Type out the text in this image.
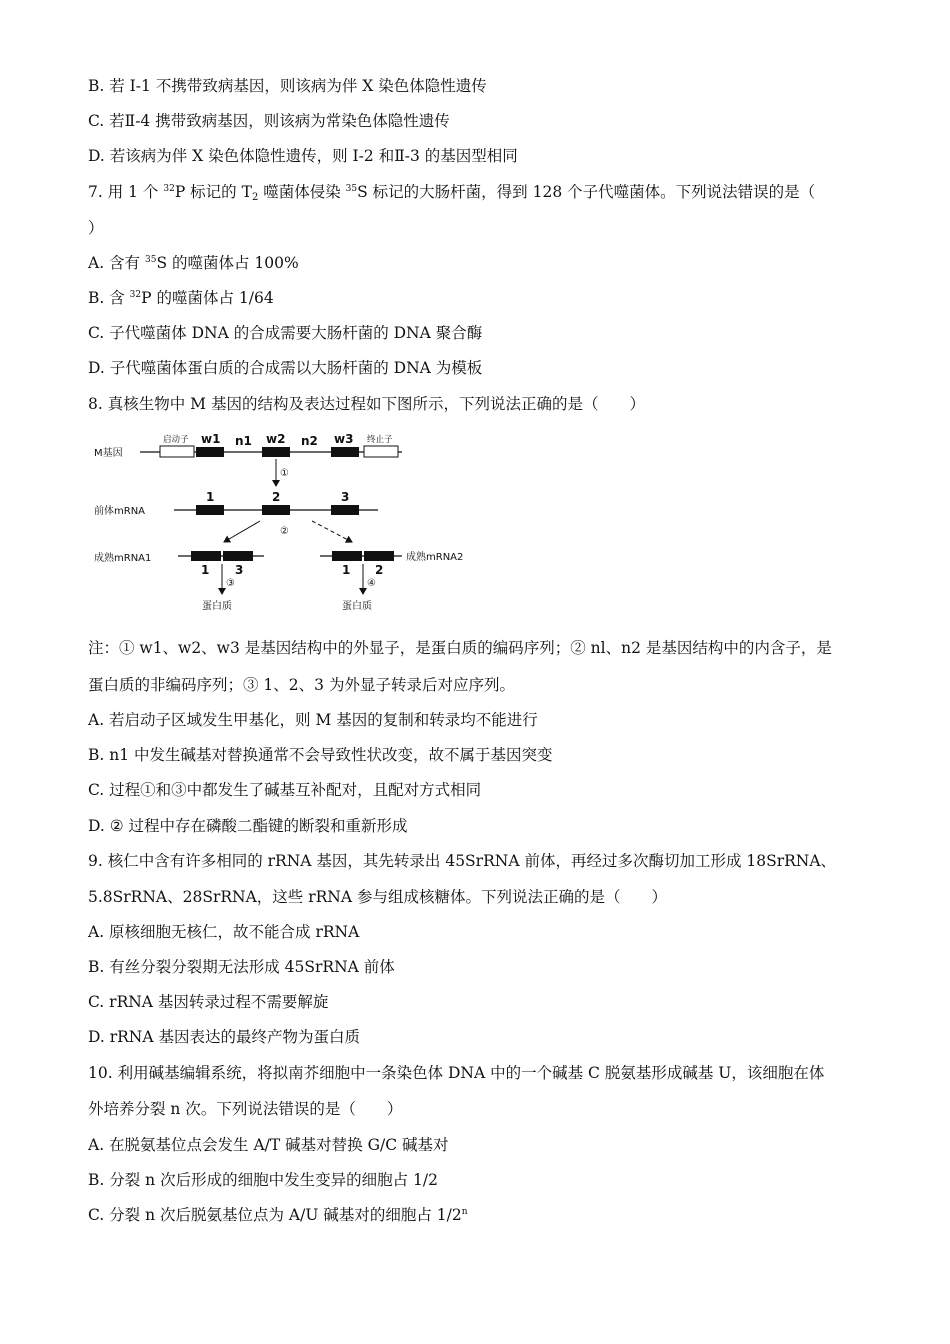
B. 若 I-1 不携带致病基因，则该病为伴 X 染色体隐性遗传
C. 若Ⅱ-4 携带致病基因，则该病为常染色体隐性遗传
D. 若该病为伴 X 染色体隐性遗传，则 I-2 和Ⅱ-3 的基因型相同
7. 用 1 个 $^{32}$P 标记的 $T_2$ 噬菌体侵染 $^{35}$S 标记的大肠杆菌，得到 128 个子代噬菌体。下列说法错误的是（
）
A. 含有 $^{35}$S 的噬菌体占 100%
B. 含 $^{32}$P 的噬菌体占 1/64
C. 子代噬菌体 DNA 的合成需要大肠杆菌的 DNA 聚合酶
D. 子代噬菌体蛋白质的合成需以大肠杆菌的 DNA 为模板
8. 真核生物中 M 基因的结构及表达过程如下图所示，下列说法正确的是（　　）
M基因
启动子 w1 n1 w2 n2 w3 终止子
①
前体mRNA
1	2	3
②
成熟mRNA1
1 3
③
蛋白质
成熟mRNA2
1 2
④
蛋白质
注：① w1、w2、w3 是基因结构中的外显子，是蛋白质的编码序列；② nl、n2 是基因结构中的内含子，是
蛋白质的非编码序列；③ 1、2、3 为外显子转录后对应序列。
A. 若启动子区域发生甲基化，则 M 基因的复制和转录均不能进行
B. n1 中发生碱基对替换通常不会导致性状改变，故不属于基因突变
C. 过程①和③中都发生了碱基互补配对，且配对方式相同
D. ② 过程中存在磷酸二酯键的断裂和重新形成
9. 核仁中含有许多相同的 rRNA 基因，其先转录出 45SrRNA 前体，再经过多次酶切加工形成 18SrRNA、
5.8SrRNA、28SrRNA，这些 rRNA 参与组成核糖体。下列说法正确的是（　　）
A. 原核细胞无核仁，故不能合成 rRNA
B. 有丝分裂分裂期无法形成 45SrRNA 前体
C. rRNA 基因转录过程不需要解旋
D. rRNA 基因表达的最终产物为蛋白质
10. 利用碱基编辑系统，将拟南芥细胞中一条染色体 DNA 中的一个碱基 C 脱氨基形成碱基 U，该细胞在体
外培养分裂 n 次。下列说法错误的是（　　）
A. 在脱氨基位点会发生 A/T 碱基对替换 G/C 碱基对
B. 分裂 n 次后形成的细胞中发生变异的细胞占 1/2
C. 分裂 n 次后脱氨基位点为 A/U 碱基对的细胞占 1/2$^n$
